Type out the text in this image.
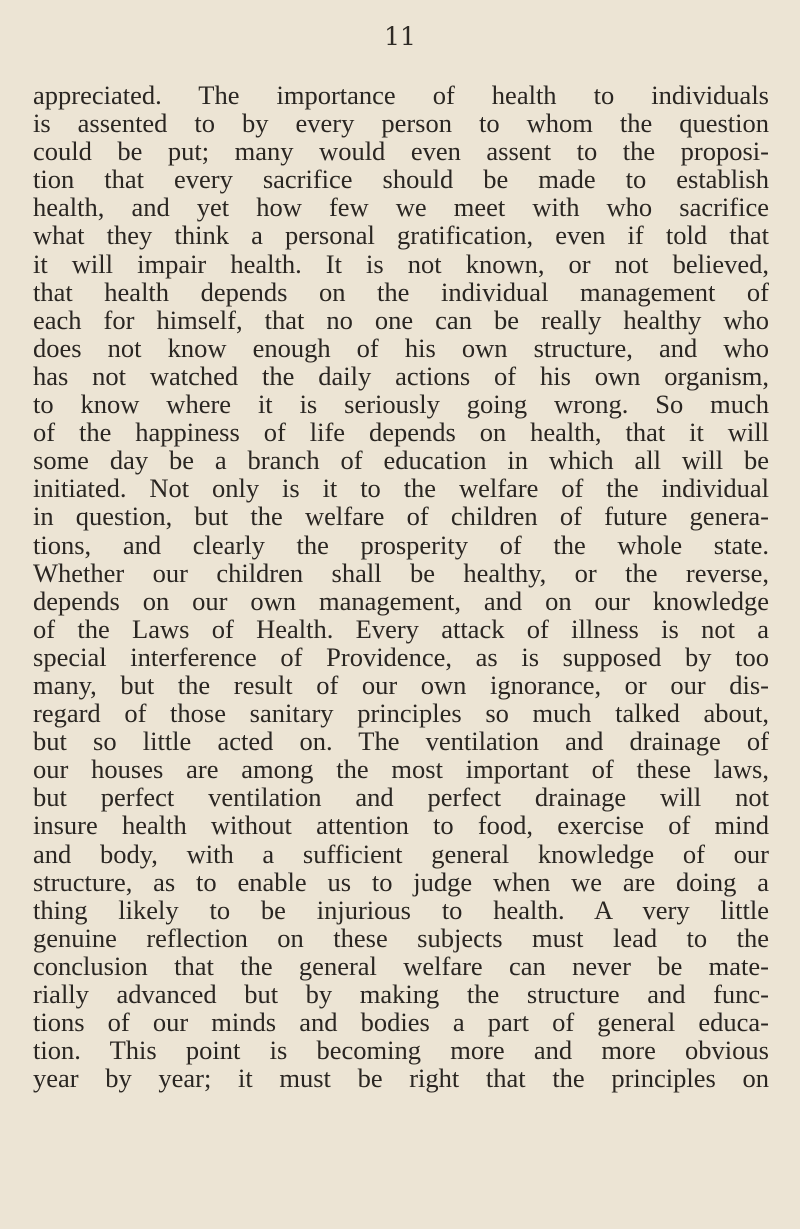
11
appreciated. The importance of health to individuals
is assented to by every person to whom the question
could be put; many would even assent to the proposi-
tion that every sacrifice should be made to establish
health, and yet how few we meet with who sacrifice
what they think a personal gratification, even if told that
it will impair health. It is not known, or not believed,
that health depends on the individual management of
each for himself, that no one can be really healthy who
does not know enough of his own structure, and who
has not watched the daily actions of his own organism,
to know where it is seriously going wrong. So much
of the happiness of life depends on health, that it will
some day be a branch of education in which all will be
initiated. Not only is it to the welfare of the individual
in question, but the welfare of children of future genera-
tions, and clearly the prosperity of the whole state.
Whether our children shall be healthy, or the reverse,
depends on our own management, and on our knowledge
of the Laws of Health. Every attack of illness is not a
special interference of Providence, as is supposed by too
many, but the result of our own ignorance, or our dis-
regard of those sanitary principles so much talked about,
but so little acted on. The ventilation and drainage of
our houses are among the most important of these laws,
but perfect ventilation and perfect drainage will not
insure health without attention to food, exercise of mind
and body, with a sufficient general knowledge of our
structure, as to enable us to judge when we are doing a
thing likely to be injurious to health. A very little
genuine reflection on these subjects must lead to the
conclusion that the general welfare can never be mate-
rially advanced but by making the structure and func-
tions of our minds and bodies a part of general educa-
tion. This point is becoming more and more obvious
year by year; it must be right that the principles on
